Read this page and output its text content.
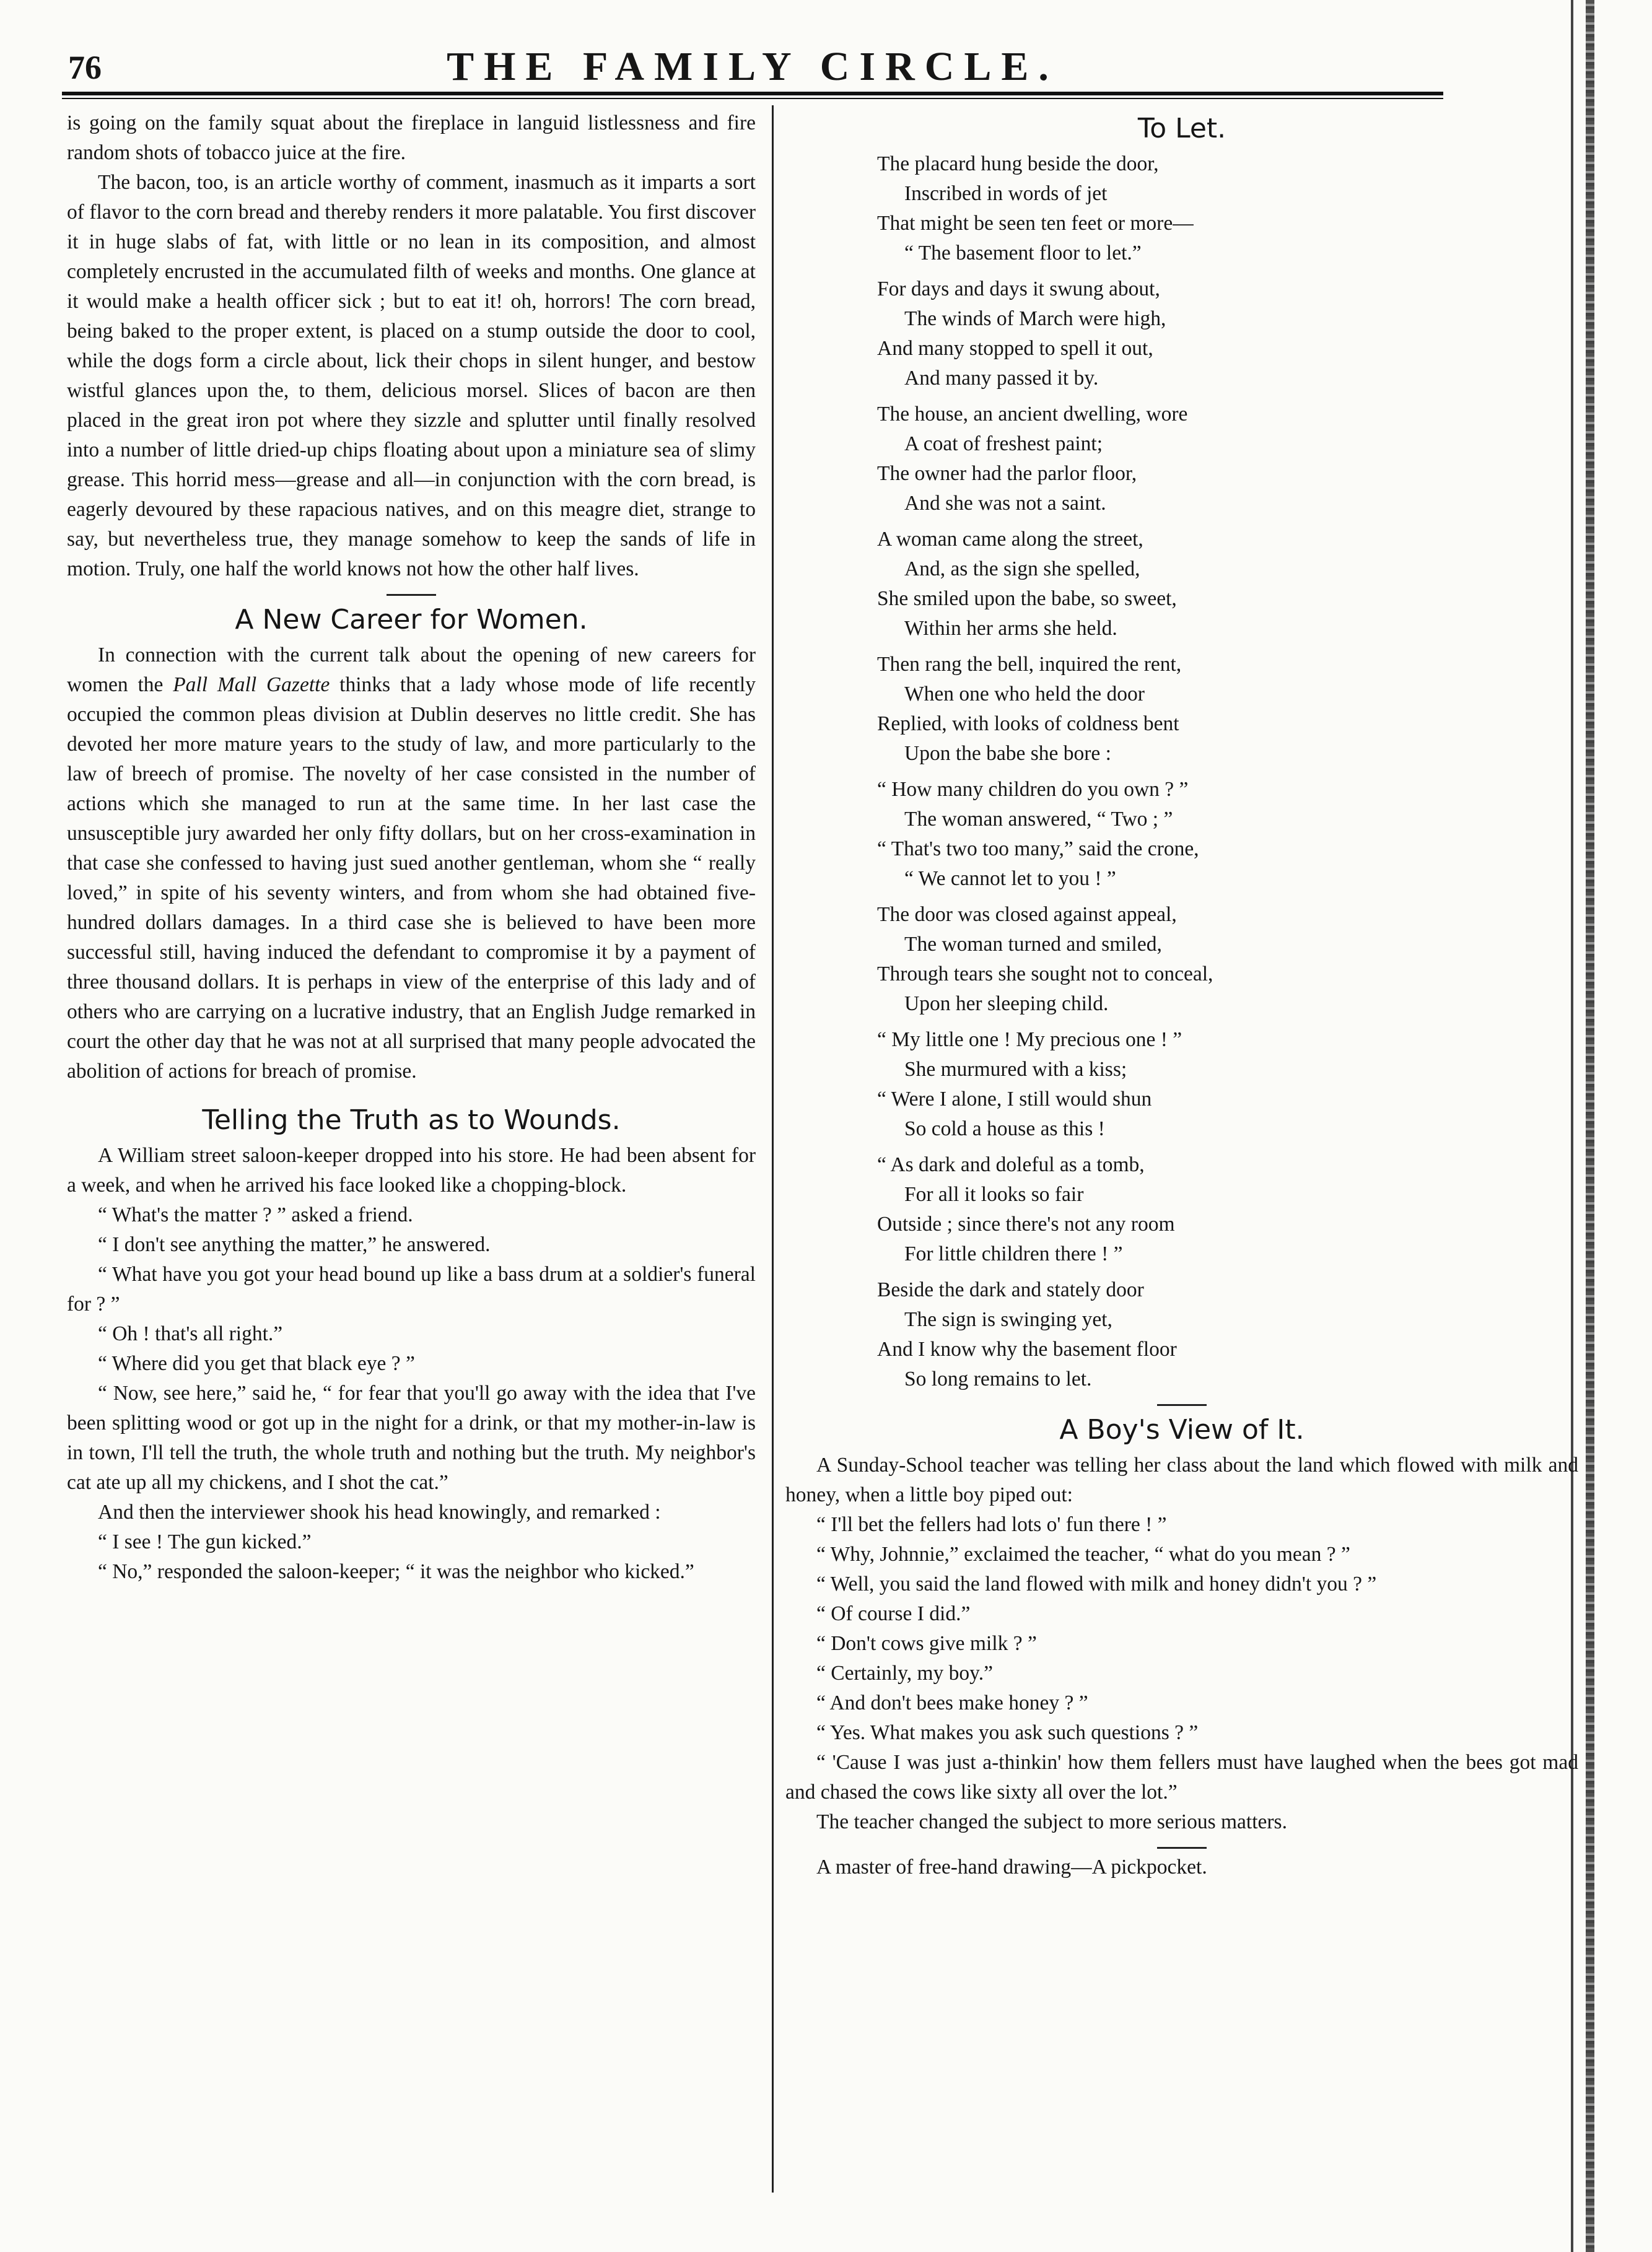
76	THE FAMILY CIRCLE.

is going on the family squat about the fireplace in languid listlessness and fire random shots of tobacco juice at the fire.

The bacon, too, is an article worthy of comment, inasmuch as it imparts a sort of flavor to the corn bread and thereby renders it more palatable. You first discover it in huge slabs of fat, with little or no lean in its composition, and almost completely encrusted in the accumulated filth of weeks and months. One glance at it would make a health officer sick ; but to eat it! oh, horrors! The corn bread, being baked to the proper extent, is placed on a stump outside the door to cool, while the dogs form a circle about, lick their chops in silent hunger, and bestow wistful glances upon the, to them, delicious morsel. Slices of bacon are then placed in the great iron pot where they sizzle and splutter until finally resolved into a number of little dried-up chips floating about upon a miniature sea of slimy grease. This horrid mess—grease and all—in conjunction with the corn bread, is eagerly devoured by these rapacious natives, and on this meagre diet, strange to say, but nevertheless true, they manage somehow to keep the sands of life in motion. Truly, one half the world knows not how the other half lives.

A New Career for Women.

In connection with the current talk about the opening of new careers for women the Pall Mall Gazette thinks that a lady whose mode of life recently occupied the common pleas division at Dublin deserves no little credit. She has devoted her more mature years to the study of law, and more particularly to the law of breech of promise. The novelty of her case consisted in the number of actions which she managed to run at the same time. In her last case the unsusceptible jury awarded her only fifty dollars, but on her cross-examination in that case she confessed to having just sued another gentleman, whom she “ really loved,” in spite of his seventy winters, and from whom she had obtained five-hundred dollars damages. In a third case she is believed to have been more successful still, having induced the defendant to compromise it by a payment of three thousand dollars. It is perhaps in view of the enterprise of this lady and of others who are carrying on a lucrative industry, that an English Judge remarked in court the other day that he was not at all surprised that many people advocated the abolition of actions for breach of promise.

Telling the Truth as to Wounds.

A William street saloon-keeper dropped into his store. He had been absent for a week, and when he arrived his face looked like a chopping-block.

“ What's the matter ? ” asked a friend.

“ I don't see anything the matter,” he answered.

“ What have you got your head bound up like a bass drum at a soldier's funeral for ? ”

“ Oh ! that's all right.”

“ Where did you get that black eye ? ”

“ Now, see here,” said he, “ for fear that you'll go away with the idea that I've been splitting wood or got up in the night for a drink, or that my mother-in-law is in town, I'll tell the truth, the whole truth and nothing but the truth. My neighbor's cat ate up all my chickens, and I shot the cat.”

And then the interviewer shook his head knowingly, and remarked :

“ I see ! The gun kicked.”

“ No,” responded the saloon-keeper; “ it was the neighbor who kicked.”

To Let.
The placard hung beside the door,
Inscribed in words of jet
That might be seen ten feet or more—
“ The basement floor to let.”
For days and days it swung about,
The winds of March were high,
And many stopped to spell it out,
And many passed it by.
The house, an ancient dwelling, wore
A coat of freshest paint;
The owner had the parlor floor,
And she was not a saint.
A woman came along the street,
And, as the sign she spelled,
She smiled upon the babe, so sweet,
Within her arms she held.
Then rang the bell, inquired the rent,
When one who held the door
Replied, with looks of coldness bent
Upon the babe she bore :
“ How many children do you own ? ”
The woman answered, “ Two ; ”
“ That's two too many,” said the crone,
“ We cannot let to you ! ”
The door was closed against appeal,
The woman turned and smiled,
Through tears she sought not to conceal,
Upon her sleeping child.
“ My little one ! My precious one ! ”
She murmured with a kiss;
“ Were I alone, I still would shun
So cold a house as this !
“ As dark and doleful as a tomb,
For all it looks so fair
Outside ; since there's not any room
For little children there ! ”
Beside the dark and stately door
The sign is swinging yet,
And I know why the basement floor
So long remains to let.
A Boy's View of It.

A Sunday-School teacher was telling her class about the land which flowed with milk and honey, when a little boy piped out:

“ I'll bet the fellers had lots o' fun there ! ”

“ Why, Johnnie,” exclaimed the teacher, “ what do you mean ? ”

“ Well, you said the land flowed with milk and honey didn't you ? ”

“ Of course I did.”

“ Don't cows give milk ? ”

“ Certainly, my boy.”

“ And don't bees make honey ? ”

“ Yes. What makes you ask such questions ? ”

“ 'Cause I was just a-thinkin' how them fellers must have laughed when the bees got mad and chased the cows like sixty all over the lot.”

The teacher changed the subject to more serious matters.

A master of free-hand drawing—A pickpocket.
